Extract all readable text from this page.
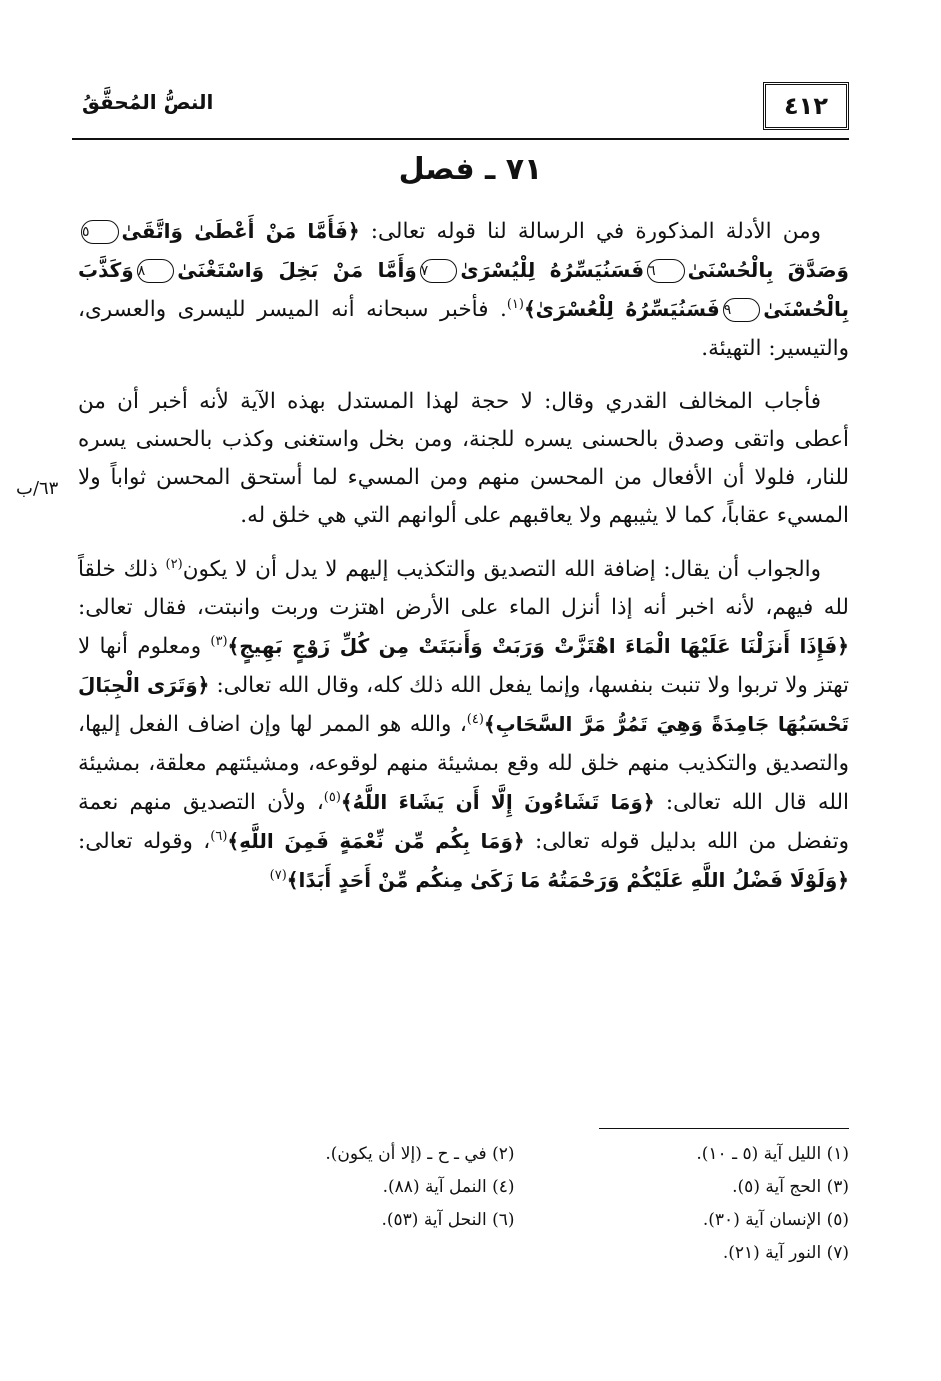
٤١٢
النصُّ المُحقَّقُ
٧١ ـ فصل
٦٣/ب

ومن الأدلة المذكورة في الرسالة لنا قوله تعالى: ﴿فَأَمَّا مَنْ أَعْطَىٰ وَاتَّقَىٰ٥وَصَدَّقَ بِالْحُسْنَىٰ٦فَسَنُيَسِّرُهُ لِلْيُسْرَىٰ٧وَأَمَّا مَنْ بَخِلَ وَاسْتَغْنَىٰ٨وَكَذَّبَ بِالْحُسْنَىٰ٩فَسَنُيَسِّرُهُ لِلْعُسْرَىٰ﴾$^{(١)}$. فأخبر سبحانه أنه الميسر لليسرى والعسرى، والتيسير: التهيئة.

فأجاب المخالف القدري وقال: لا حجة لهذا المستدل بهذه الآية لأنه أخبر أن من أعطى واتقى وصدق بالحسنى يسره للجنة، ومن بخل واستغنى وكذب بالحسنى يسره للنار، فلولا أن الأفعال من المحسن منهم ومن المسيء لما أستحق المحسن ثواباً ولا المسيء عقاباً، كما لا يثيبهم ولا يعاقبهم على ألوانهم التي هي خلق له.

والجواب أن يقال: إضافة الله التصديق والتكذيب إليهم لا يدل أن لا يكون$^{(٢)}$ ذلك خلقاً لله فيهم، لأنه اخبر أنه إذا أنزل الماء على الأرض اهتزت وربت وانبتت، فقال تعالى: ﴿فَإِذَا أَنزَلْنَا عَلَيْهَا الْمَاءَ اهْتَزَّتْ وَرَبَتْ وَأَنبَتَتْ مِن كُلِّ زَوْجٍ بَهِيجٍ﴾$^{(٣)}$ ومعلوم أنها لا تهتز ولا تربوا ولا تنبت بنفسها، وإنما يفعل الله ذلك كله، وقال الله تعالى: ﴿وَتَرَى الْجِبَالَ تَحْسَبُهَا جَامِدَةً وَهِيَ تَمُرُّ مَرَّ السَّحَابِ﴾$^{(٤)}$، والله هو الممر لها وإن اضاف الفعل إليها، والتصديق والتكذيب منهم خلق لله وقع بمشيئة منهم لوقوعه، ومشيئتهم معلقة، بمشيئة الله قال الله تعالى: ﴿وَمَا تَشَاءُونَ إِلَّا أَن يَشَاءَ اللَّهُ﴾$^{(٥)}$، ولأن التصديق منهم نعمة وتفضل من الله بدليل قوله تعالى: ﴿وَمَا بِكُم مِّن نِّعْمَةٍ فَمِنَ اللَّهِ﴾$^{(٦)}$، وقوله تعالى: ﴿وَلَوْلَا فَضْلُ اللَّهِ عَلَيْكُمْ وَرَحْمَتُهُ مَا زَكَىٰ مِنكُم مِّنْ أَحَدٍ أَبَدًا﴾$^{(٧)}$

(١) الليل آية (٥ ـ ١٠).
(٢) في ـ ح ـ (إلا أن يكون).
(٣) الحج آية (٥).
(٤) النمل آية (٨٨).
(٥) الإنسان آية (٣٠).
(٦) النحل آية (٥٣).
(٧) النور آية (٢١).
